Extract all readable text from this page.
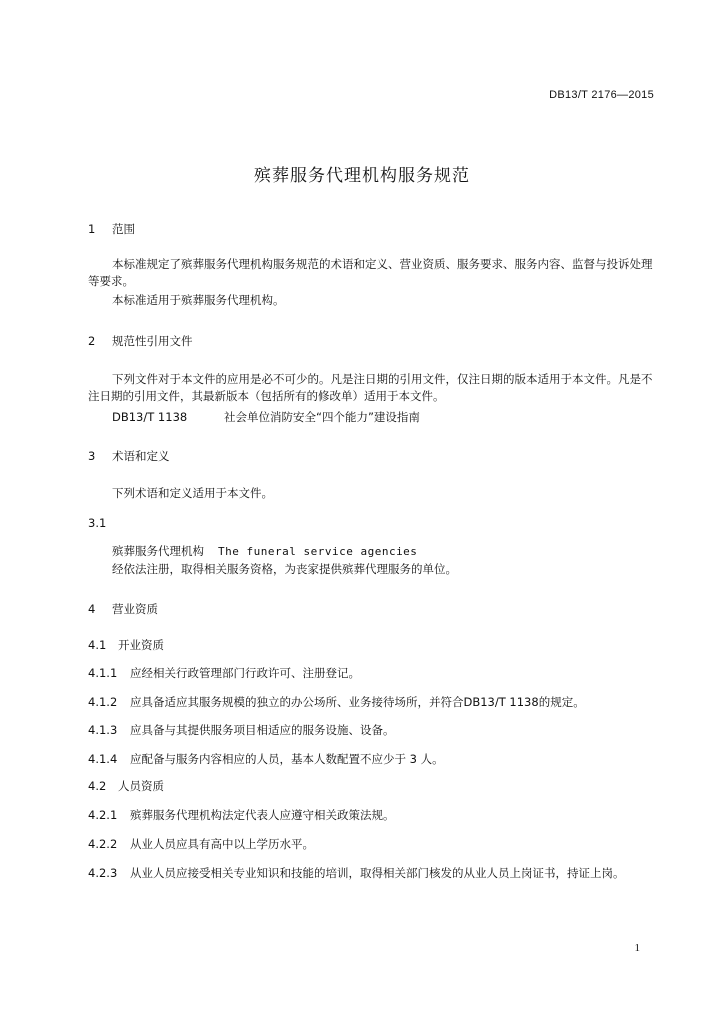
DB13/T 2176—2015
殡葬服务代理机构服务规范
1 范围
本标准规定了殡葬服务代理机构服务规范的术语和定义、营业资质、服务要求、服务内容、监督与投诉处理等要求。
本标准适用于殡葬服务代理机构。
2 规范性引用文件
下列文件对于本文件的应用是必不可少的。凡是注日期的引用文件，仅注日期的版本适用于本文件。凡是不注日期的引用文件，其最新版本（包括所有的修改单）适用于本文件。
DB13/T 1138	社会单位消防安全“四个能力”建设指南
3 术语和定义
下列术语和定义适用于本文件。
3.1
殡葬服务代理机构 The funeral service agencies
经依法注册，取得相关服务资格，为丧家提供殡葬代理服务的单位。
4 营业资质
4.1 开业资质
4.1.1 应经相关行政管理部门行政许可、注册登记。
4.1.2 应具备适应其服务规模的独立的办公场所、业务接待场所，并符合DB13/T 1138的规定。
4.1.3 应具备与其提供服务项目相适应的服务设施、设备。
4.1.4 应配备与服务内容相应的人员，基本人数配置不应少于 3 人。
4.2 人员资质
4.2.1 殡葬服务代理机构法定代表人应遵守相关政策法规。
4.2.2 从业人员应具有高中以上学历水平。
4.2.3 从业人员应接受相关专业知识和技能的培训，取得相关部门核发的从业人员上岗证书，持证上岗。
1
